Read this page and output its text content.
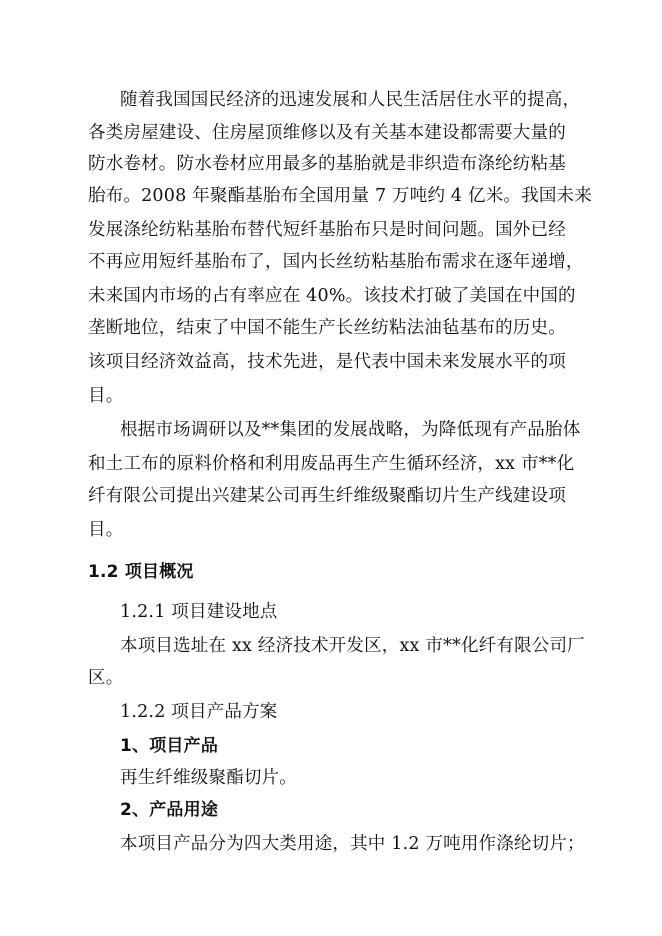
随着我国国民经济的迅速发展和人民生活居住水平的提高，
各类房屋建设、住房屋顶维修以及有关基本建设都需要大量的
防水卷材。防水卷材应用最多的基胎就是非织造布涤纶纺粘基
胎布。2008 年聚酯基胎布全国用量 7 万吨约 4 亿米。我国未来
发展涤纶纺粘基胎布替代短纤基胎布只是时间问题。国外已经
不再应用短纤基胎布了，国内长丝纺粘基胎布需求在逐年递增，
未来国内市场的占有率应在 40%。该技术打破了美国在中国的
垄断地位，结束了中国不能生产长丝纺粘法油毡基布的历史。
该项目经济效益高，技术先进，是代表中国未来发展水平的项
目。
根据市场调研以及**集团的发展战略，为降低现有产品胎体
和土工布的原料价格和利用废品再生产生循环经济，xx 市**化
纤有限公司提出兴建某公司再生纤维级聚酯切片生产线建设项
目。
1.2 项目概况
1.2.1 项目建设地点
本项目选址在 xx 经济技术开发区，xx 市**化纤有限公司厂
区。
1.2.2 项目产品方案
1、项目产品
再生纤维级聚酯切片。
2、产品用途
本项目产品分为四大类用途，其中 1.2 万吨用作涤纶切片；
